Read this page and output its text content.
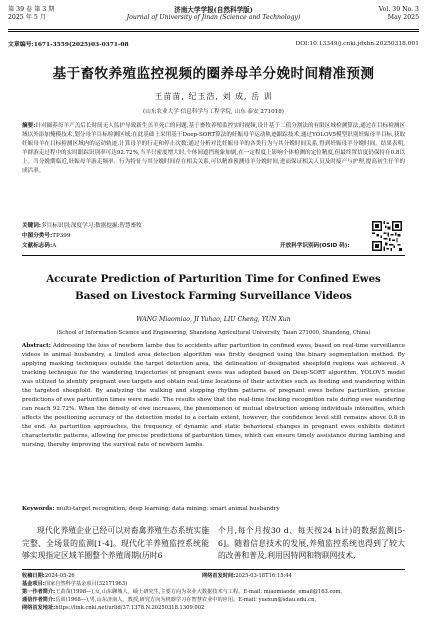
第 39 卷 第 3 期
2025 年 5 月
济南大学学报(自然科学版)
Journal of University of Jinan (Science and Technology)
Vol. 39 No. 3
May 2025
文章编号:1671-3559(2025)03-0371-08	DOI:10.13349/j.cnki.jdxbn.20250318.001
基于畜牧养殖监控视频的圈养母羊分娩时间精准预测
王苗苗, 纪玉浩, 刘 成, 岳 训
(山东农业大学 信息科学与工程学院, 山东 泰安 271018)
摘要:针对圈养母羊产羔后长时间无人监护导致新生羔羊死亡的问题,基于畜牧养殖监控实时视频,设计基于二值分割法的有限区域检测算法,通过在目标检测区域以外添加掩模技术,划分母羊目标检测区域;在此基础上采用基于Deep-SORT算法的妊娠母羊运动轨迹跟踪技术,通过YOLOV5模型识别妊娠母羊目标,获取妊娠母羊在目标检测区域内的运动轨迹,计算母羊的行走和停止次数;通过分析对比妊娠母羊的各类行为与其分娩时间关系,得到妊娠母羊分娩时间。结果表明,羊群游走过程中的实时跟踪识别率可达92.72%,当羊只密度增大时,个体间遮挡现象加剧,在一定程度上影响个体检测的定位精度,但最终置信度仍保持在0.8以上。当分娩期临近,妊娠母羊游走频率、行为特征与其分娩时间存在相关关系,可以精准预测母羊分娩时间,进而保证相关人员及时接产与护理,提高初生仔羊的成活率。
关键词:多目标识别;深度学习;数据挖掘;智慧畜牧
中图分类号:TP399
文献标志码:A	开放科学识别码(OSID 码):
Accurate Prediction of Parturition Time for Confined Ewes
Based on Livestock Farming Surveillance Videos
WANG Miaomiao, JI Yuhao, LIU Cheng, YUN Xun
(School of Information Science and Engineering, Shandong Agricultural University, Taian 271000, Shandong, China)
Abstract: Addressing the loss of newborn lambs due to accidents after parturition in confined ewes, based on real-time surveillance videos in animal husbandry, a limited area detection algorithm was firstly designed using the binary segmentation method. By applying masking techniques outside the target detection area, the delineation of designated sheepfold regions was achieved. A tracking technique for the wandering trajectories of pregnant ewes was adopted based on Deep-SORT algorithm, YOLOV5 model was utilized to identify pregnant ewe targets and obtain real-time locations of their activities such as feeding and wandering within the targeted sheepfold. By analyzing the walking and stopping rhythm patterns of pregnant ewes before parturition, precise predictions of ewe parturition times were made. The results show that the real-time tracking recognition rate during ewe wandering can reach 92.72%. When the density of ewe increases, the phenomenon of mutual obstruction among individuals intensifies, which affects the positioning accuracy of the detection model to a certain extent, however, the confidence level still remains above 0.8 in the end. As parturition approaches, the frequency of dynamic and static behavioral changes in pregnant ewes exhibits distinct characteristic patterns, allowing for precise predictions of parturition times, which can ensure timely assistance during lambing and nursing, thereby improving the survival rate of newborn lambs.
Keywords: multi-target recognition; deep learning; data mining; smart animal husbandry
现代化养殖企业已经可以对畜禽养殖生态系统实施完整、全场景的监测[1-4]。现代化羊养殖监控系统能够实现指定区域羊圈整个养殖周期(历时6
个月,每个月按30 d、每天按24 h计)的数据监测[5-6]。随着信息技术的发展,养殖监控系统也得到了较大的改善和普及,利用因特网和物联网技术,
收稿日期:2024-05-26	网络首发时间:2025-03-18T16:15:44
基金项目:国家自然科学基金项目(32171963)
第一作者简介:王苗苗(1998—),女,山东聊城人。硕士研究生,主要方向为农业大数据技术与工程。E-mail: miaomiaode_email@163.com。
通信作者简介:岳训(1968—),男,山东济南人。教授,研究方向为机器学习在智慧农业中的应用。E-mail: yuexun@sdau.edu.cn。
网络首发地址:https://link.cnki.net/urlid/37.1378.N.20250318.1309.002
